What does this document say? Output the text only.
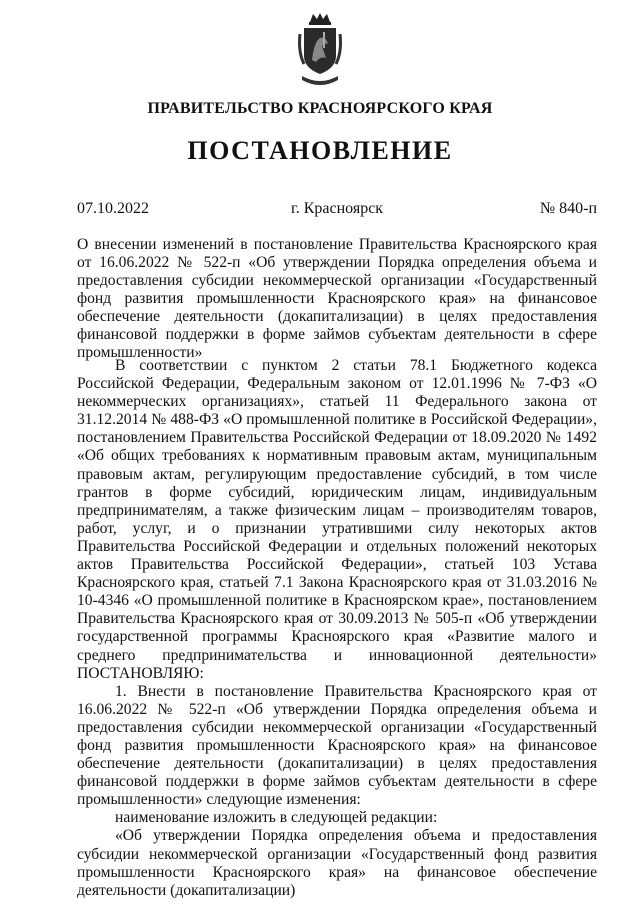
ПРАВИТЕЛЬСТВО КРАСНОЯРСКОГО КРАЯ
ПОСТАНОВЛЕНИЕ
г. Красноярск
07.10.2022	№ 840-п
О внесении изменений в постановление Правительства Красноярского края от 16.06.2022 № 522-п «Об утверждении Порядка определения объема и предоставления субсидии некоммерческой организации «Государственный фонд развития промышленности Красноярского края» на финансовое обеспечение деятельности (докапитализации) в целях предоставления финансовой поддержки в форме займов субъектам деятельности в сфере промышленности»

В соответствии с пунктом 2 статьи 78.1 Бюджетного кодекса Российской Федерации, Федеральным законом от 12.01.1996 № 7-ФЗ «О некоммерческих организациях», статьей 11 Федерального закона от 31.12.2014 № 488-ФЗ «О промышленной политике в Российской Федерации», постановлением Правительства Российской Федерации от 18.09.2020 № 1492 «Об общих требованиях к нормативным правовым актам, муниципальным правовым актам, регулирующим предоставление субсидий, в том числе грантов в форме субсидий, юридическим лицам, индивидуальным предпринимателям, а также физическим лицам – производителям товаров, работ, услуг, и о признании утратившими силу некоторых актов Правительства Российской Федерации и отдельных положений некоторых актов Правительства Российской Федерации», статьей 103 Устава Красноярского края, статьей 7.1 Закона Красноярского края от 31.03.2016 № 10-4346 «О промышленной политике в Красноярском крае», постановлением Правительства Красноярского края от 30.09.2013 № 505-п «Об утверждении государственной программы Красноярского края «Развитие малого и среднего предпринимательства и инновационной деятельности» ПОСТАНОВЛЯЮ:

1. Внести в постановление Правительства Красноярского края от 16.06.2022 № 522-п «Об утверждении Порядка определения объема и предоставления субсидии некоммерческой организации «Государственный фонд развития промышленности Красноярского края» на финансовое обеспечение деятельности (докапитализации) в целях предоставления финансовой поддержки в форме займов субъектам деятельности в сфере промышленности» следующие изменения:

наименование изложить в следующей редакции:

«Об утверждении Порядка определения объема и предоставления субсидии некоммерческой организации «Государственный фонд развития промышленности Красноярского края» на финансовое обеспечение деятельности (докапитализации)
